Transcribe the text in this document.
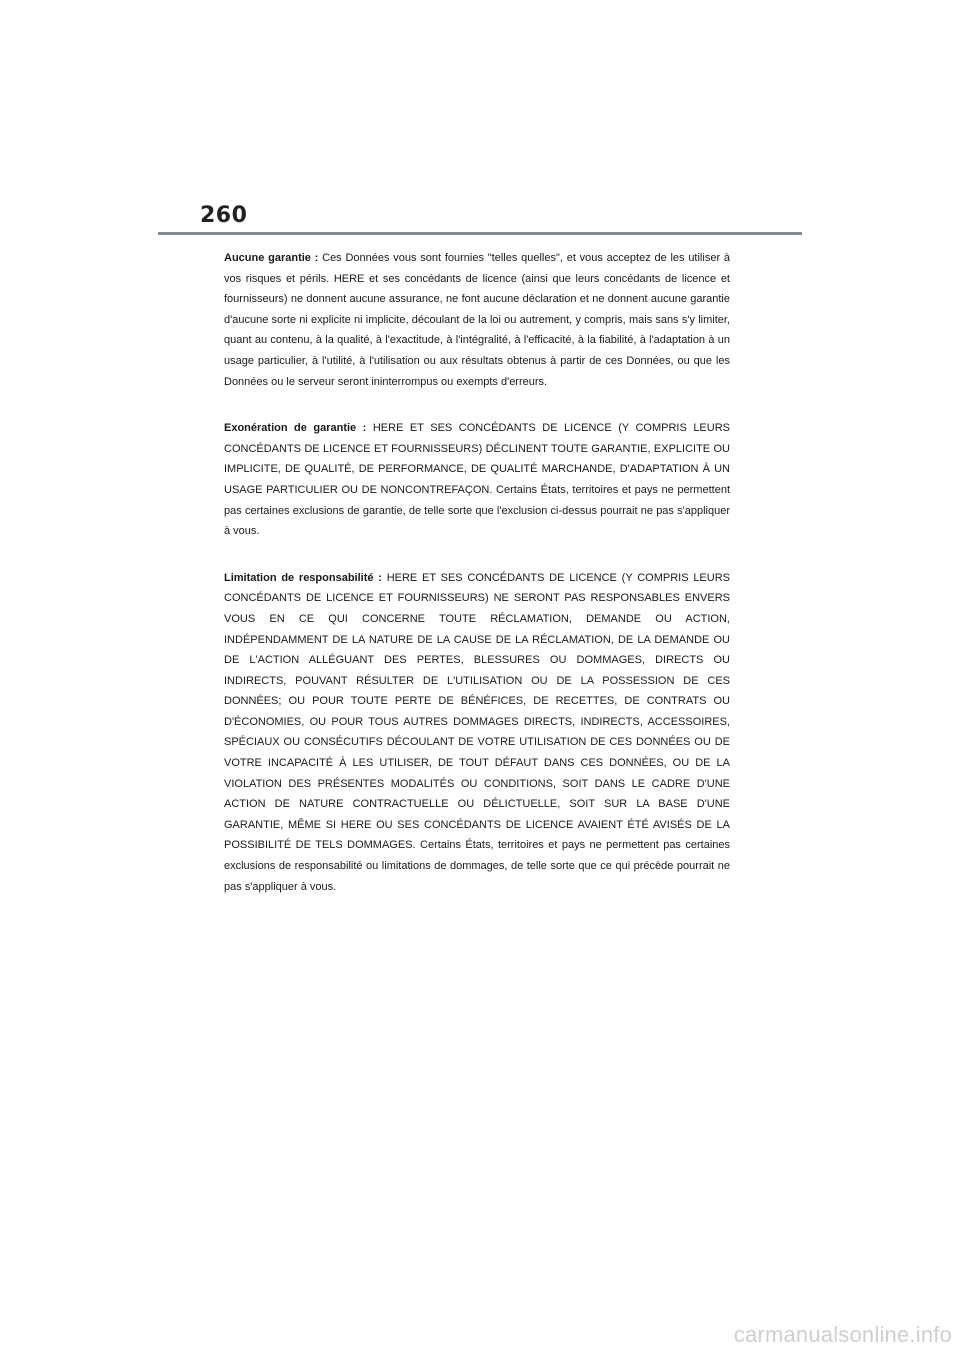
260

Aucune garantie : Ces Données vous sont fournies "telles quelles", et vous acceptez de les utiliser à vos risques et périls. HERE et ses concédants de licence (ainsi que leurs concédants de licence et fournisseurs) ne donnent aucune assurance, ne font aucune déclaration et ne donnent aucune garantie d'aucune sorte ni explicite ni implicite, découlant de la loi ou autrement, y compris, mais sans s'y limiter, quant au contenu, à la qualité, à l'exactitude, à l'intégralité, à l'efficacité, à la fiabilité, à l'adaptation à un usage particulier, à l'utilité, à l'utilisation ou aux résultats obtenus à partir de ces Données, ou que les Données ou le serveur seront ininterrompus ou exempts d'erreurs.

Exonération de garantie : HERE ET SES CONCÉDANTS DE LICENCE (Y COMPRIS LEURS CONCÉDANTS DE LICENCE ET FOURNISSEURS) DÉCLINENT TOUTE GARANTIE, EXPLICITE OU IMPLICITE, DE QUALITÉ, DE PERFORMANCE, DE QUALITÉ MARCHANDE, D'ADAPTATION À UN USAGE PARTICULIER OU DE NONCONTREFAÇON. Certains États, territoires et pays ne permettent pas certaines exclusions de garantie, de telle sorte que l'exclusion ci-dessus pourrait ne pas s'appliquer à vous.

Limitation de responsabilité : HERE ET SES CONCÉDANTS DE LICENCE (Y COMPRIS LEURS CONCÉDANTS DE LICENCE ET FOURNISSEURS) NE SERONT PAS RESPONSABLES ENVERS VOUS EN CE QUI CONCERNE TOUTE RÉCLAMATION, DEMANDE OU ACTION, INDÉPENDAMMENT DE LA NATURE DE LA CAUSE DE LA RÉCLAMATION, DE LA DEMANDE OU DE L'ACTION ALLÉGUANT DES PERTES, BLESSURES OU DOMMAGES, DIRECTS OU INDIRECTS, POUVANT RÉSULTER DE L'UTILISATION OU DE LA POSSESSION DE CES DONNÉES; OU POUR TOUTE PERTE DE BÉNÉFICES, DE RECETTES, DE CONTRATS OU D'ÉCONOMIES, OU POUR TOUS AUTRES DOMMAGES DIRECTS, INDIRECTS, ACCESSOIRES, SPÉCIAUX OU CONSÉCUTIFS DÉCOULANT DE VOTRE UTILISATION DE CES DONNÉES OU DE VOTRE INCAPACITÉ À LES UTILISER, DE TOUT DÉFAUT DANS CES DONNÉES, OU DE LA VIOLATION DES PRÉSENTES MODALITÉS OU CONDITIONS, SOIT DANS LE CADRE D'UNE ACTION DE NATURE CONTRACTUELLE OU DÉLICTUELLE, SOIT SUR LA BASE D'UNE GARANTIE, MÊME SI HERE OU SES CONCÉDANTS DE LICENCE AVAIENT ÉTÉ AVISÉS DE LA POSSIBILITÉ DE TELS DOMMAGES. Certains États, territoires et pays ne permettent pas certaines exclusions de responsabilité ou limitations de dommages, de telle sorte que ce qui précède pourrait ne pas s'appliquer à vous.

carmanualsonline.info
